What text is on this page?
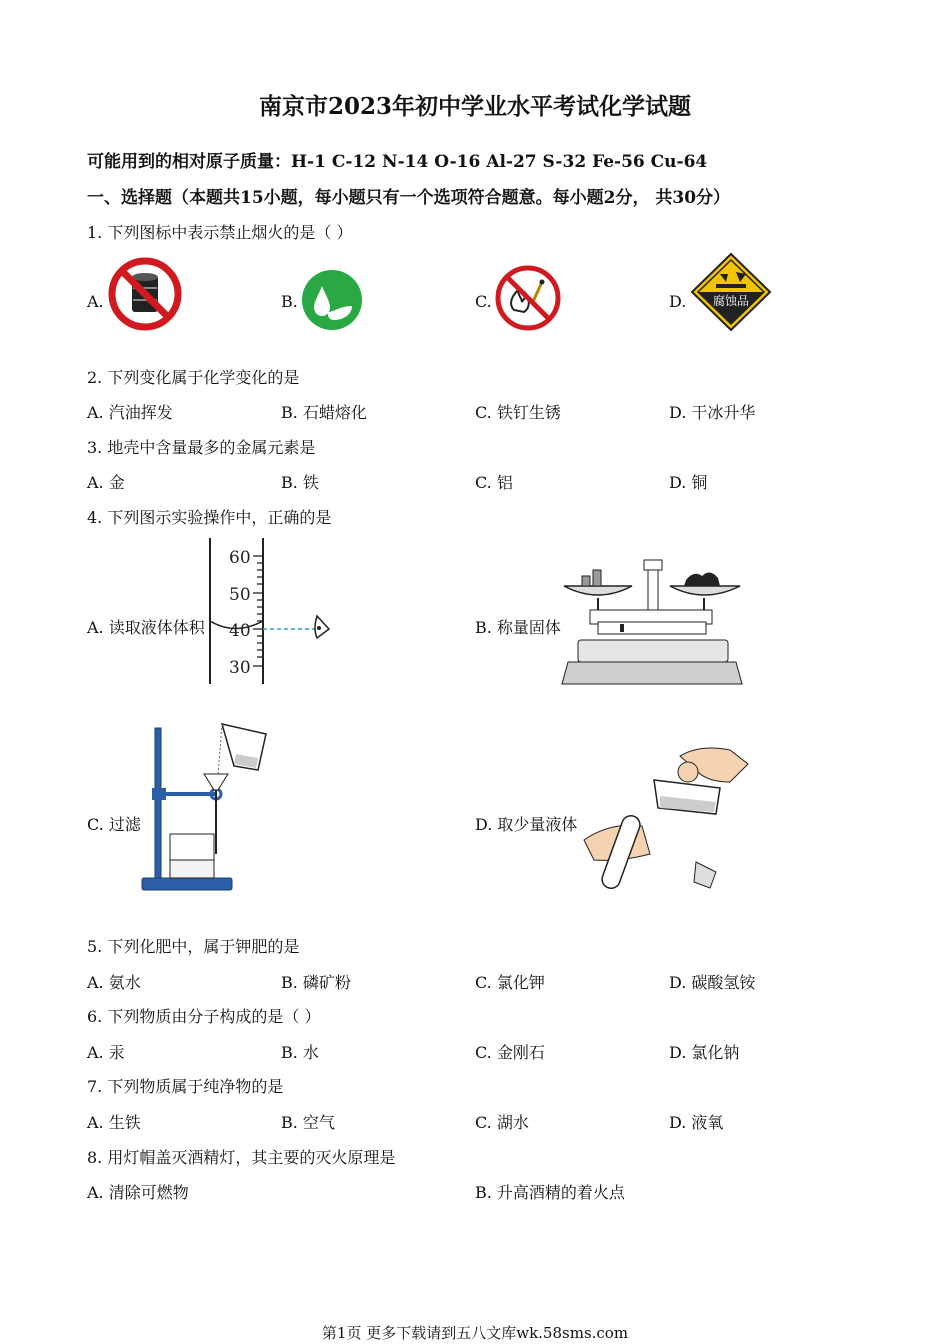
南京市2023年初中学业水平考试化学试题
可能用到的相对原子质量：H-1 C-12 N-14 O-16 Al-27 S-32 Fe-56 Cu-64
一、选择题（本题共15小题，每小题只有一个选项符合题意。每小题2分， 共30分）
1. 下列图标中表示禁止烟火的是（ ）
A.	B.	C.	D. 腐蚀品
2. 下列变化属于化学变化的是
A. 汽油挥发	B. 石蜡熔化	C. 铁钉生锈	D. 干冰升华
3. 地壳中含量最多的金属元素是
A. 金	B. 铁	C. 铝	D. 铜
4. 下列图示实验操作中，正确的是
A. 读取液体体积	B. 称量固体
C. 过滤	D. 取少量液体
60
50
40
30
5. 下列化肥中，属于钾肥的是
A. 氨水	B. 磷矿粉	C. 氯化钾	D. 碳酸氢铵
6. 下列物质由分子构成的是（ ）
A. 汞	B. 水	C. 金刚石	D. 氯化钠
7. 下列物质属于纯净物的是
A. 生铁	B. 空气	C. 湖水	D. 液氧
8. 用灯帽盖灭酒精灯，其主要的灭火原理是
A. 清除可燃物	B. 升高酒精的着火点
第1页 更多下载请到五八文库wk.58sms.com
